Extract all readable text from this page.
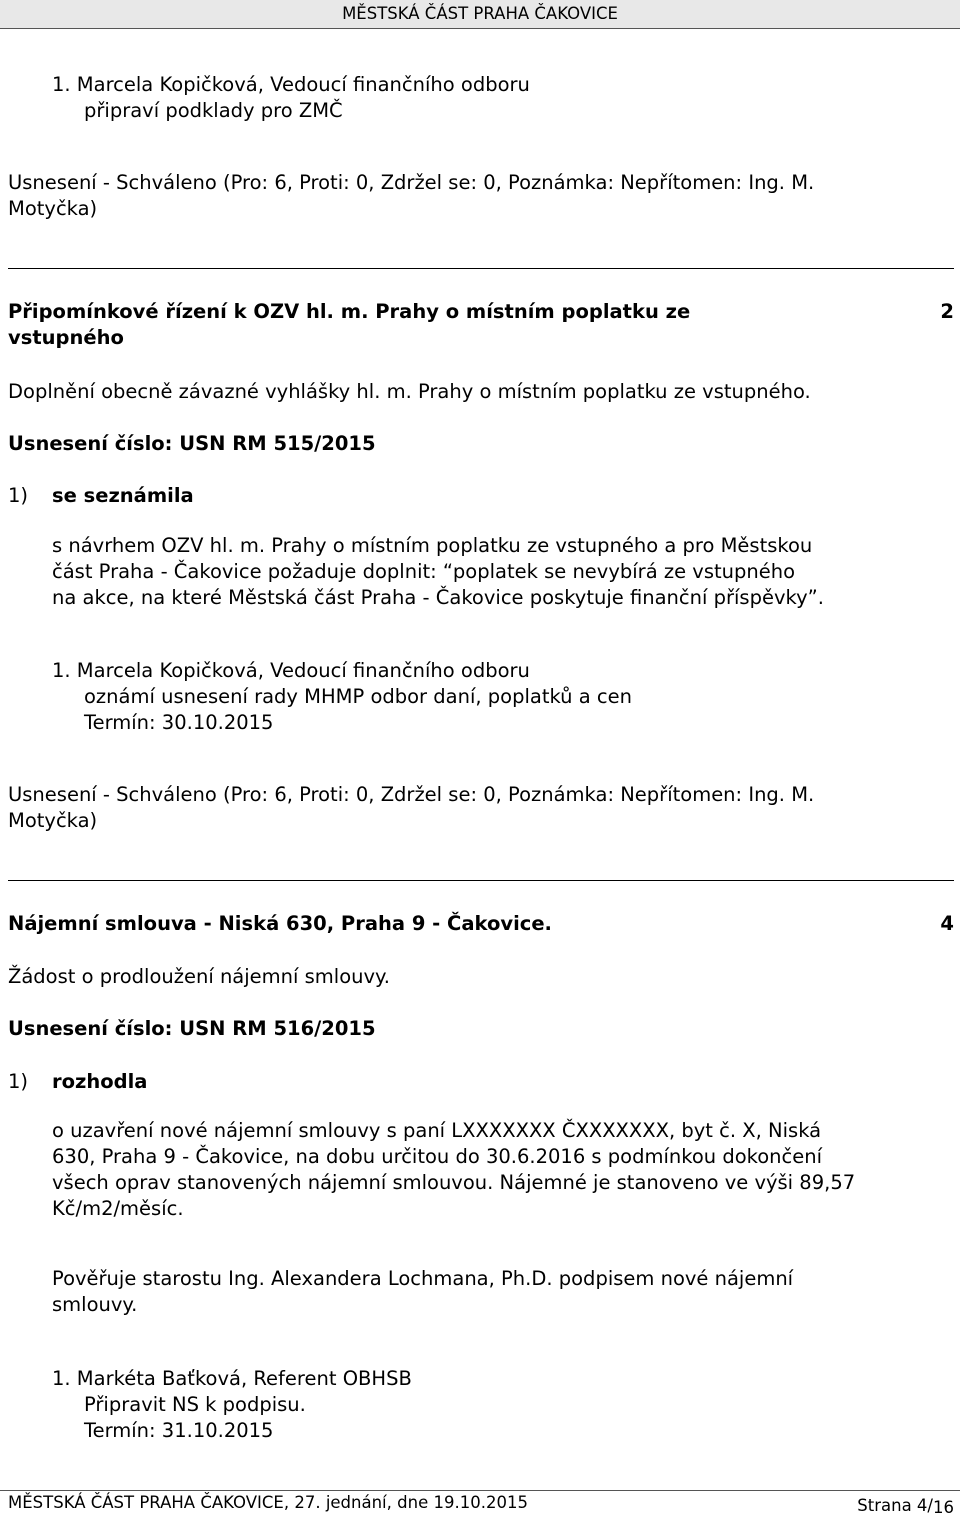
MĚSTSKÁ ČÁST PRAHA ČAKOVICE
1. Marcela Kopičková, Vedoucí finančního odboru
připraví podklady pro ZMČ
Usnesení - Schváleno (Pro: 6, Proti: 0, Zdržel se: 0, Poznámka: Nepřítomen: Ing. M.
Motyčka)
Připomínkové řízení k OZV hl. m. Prahy o místním poplatku ze
vstupného
2
Doplnění obecně závazné vyhlášky hl. m. Prahy o místním poplatku ze vstupného.
Usnesení číslo: USN RM 515/2015
1) se seznámila
s návrhem OZV hl. m. Prahy o místním poplatku ze vstupného a pro Městskou
část Praha - Čakovice požaduje doplnit: “poplatek se nevybírá ze vstupného
na akce, na které Městská část Praha - Čakovice poskytuje finanční příspěvky”.
1. Marcela Kopičková, Vedoucí finančního odboru
oznámí usnesení rady MHMP odbor daní, poplatků a cen
Termín: 30.10.2015
Usnesení - Schváleno (Pro: 6, Proti: 0, Zdržel se: 0, Poznámka: Nepřítomen: Ing. M.
Motyčka)
Nájemní smlouva - Niská 630, Praha 9 - Čakovice.	4
Žádost o prodloužení nájemní smlouvy.
Usnesení číslo: USN RM 516/2015
1) rozhodla
o uzavření nové nájemní smlouvy s paní LXXXXXXX ČXXXXXXX, byt č. X, Niská
630, Praha 9 - Čakovice, na dobu určitou do 30.6.2016 s podmínkou dokončení
všech oprav stanovených nájemní smlouvou. Nájemné je stanoveno ve výši 89,57
Kč/m2/měsíc.
Pověřuje starostu Ing. Alexandera Lochmana, Ph.D. podpisem nové nájemní
smlouvy.
1. Markéta Baťková, Referent OBHSB
Připravit NS k podpisu.
Termín: 31.10.2015
MĚSTSKÁ ČÁST PRAHA ČAKOVICE, 27. jednání, dne 19.10.2015	Strana 4/16
